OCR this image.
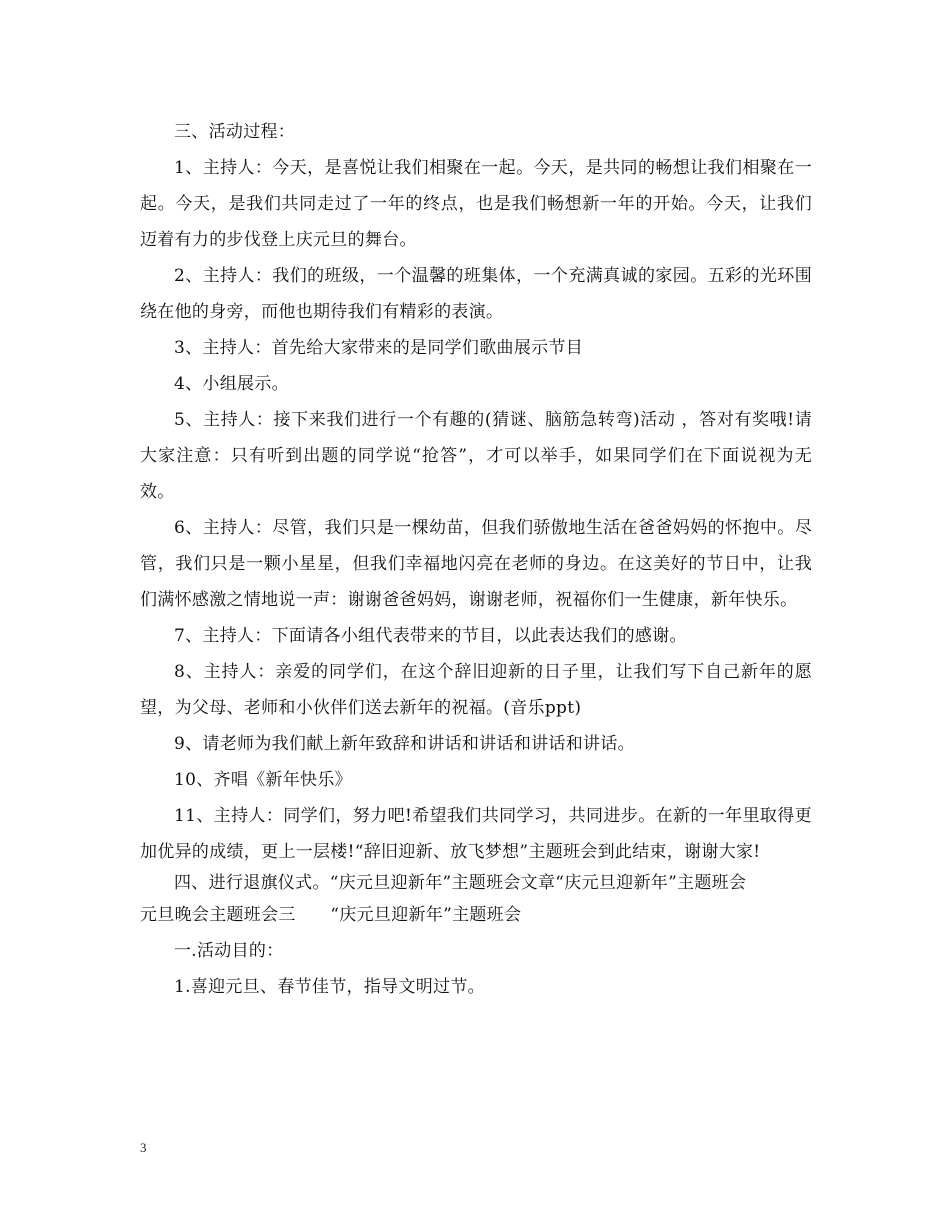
三、活动过程：

1、主持人：今天，是喜悦让我们相聚在一起。今天，是共同的畅想让我们相聚在一起。今天，是我们共同走过了一年的终点，也是我们畅想新一年的开始。今天，让我们迈着有力的步伐登上庆元旦的舞台。

2、主持人：我们的班级，一个温馨的班集体，一个充满真诚的家园。五彩的光环围绕在他的身旁，而他也期待我们有精彩的表演。

3、主持人：首先给大家带来的是同学们歌曲展示节目

4、小组展示。

5、主持人：接下来我们进行一个有趣的(猜谜、脑筋急转弯)活动 ，答对有奖哦!请大家注意：只有听到出题的同学说“抢答”，才可以举手，如果同学们在下面说视为无效。

6、主持人：尽管，我们只是一棵幼苗，但我们骄傲地生活在爸爸妈妈的怀抱中。尽管，我们只是一颗小星星，但我们幸福地闪亮在老师的身边。在这美好的节日中，让我们满怀感激之情地说一声：谢谢爸爸妈妈，谢谢老师，祝福你们一生健康，新年快乐。

7、主持人：下面请各小组代表带来的节目，以此表达我们的感谢。

8、主持人：亲爱的同学们，在这个辞旧迎新的日子里，让我们写下自己新年的愿望，为父母、老师和小伙伴们送去新年的祝福。(音乐ppt)

9、请老师为我们献上新年致辞和讲话和讲话和讲话和讲话。

10、齐唱《新年快乐》

11、主持人：同学们，努力吧!希望我们共同学习，共同进步。在新的一年里取得更加优异的成绩，更上一层楼!“辞旧迎新、放飞梦想”主题班会到此结束，谢谢大家!

四、进行退旗仪式。“庆元旦迎新年”主题班会文章“庆元旦迎新年”主题班会

元旦晚会主题班会三　　“庆元旦迎新年”主题班会

一.活动目的：

1.喜迎元旦、春节佳节，指导文明过节。

3
